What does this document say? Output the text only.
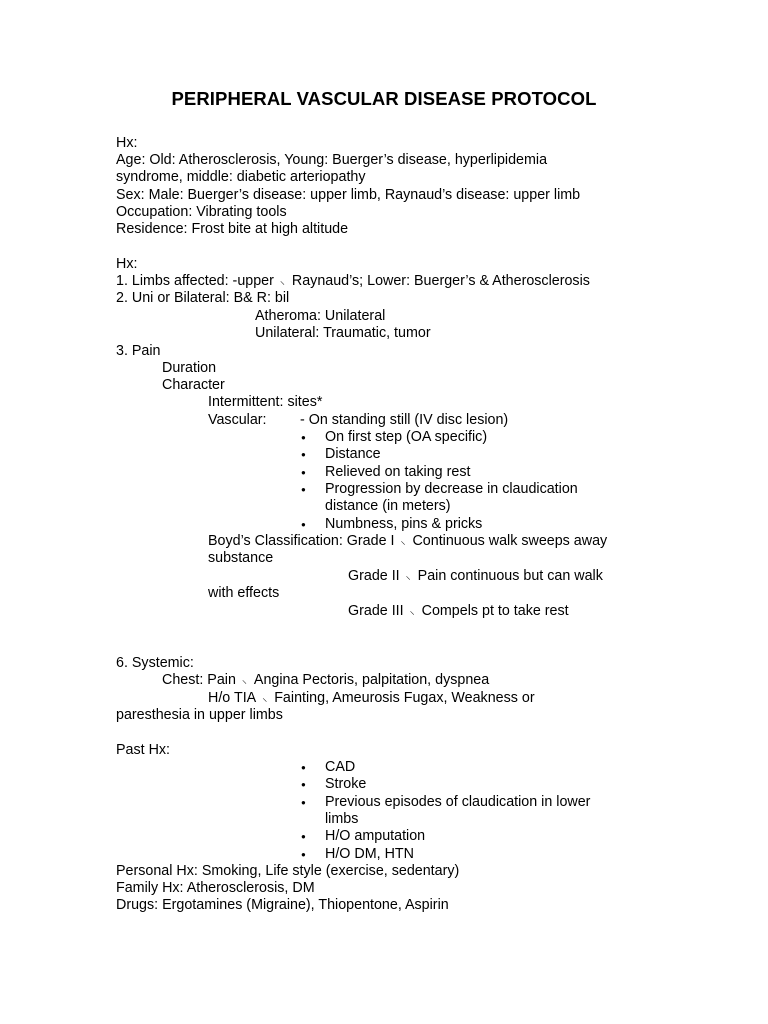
PERIPHERAL VASCULAR DISEASE PROTOCOL
Hx:
Age: Old: Atherosclerosis, Young: Buerger’s disease, hyperlipidemia
syndrome, middle: diabetic arteriopathy
Sex: Male: Buerger’s disease: upper limb, Raynaud’s disease: upper limb
Occupation: Vibrating tools
Residence: Frost bite at high altitude
Hx:
1. Limbs affected: -upper ⸜ Raynaud’s; Lower: Buerger’s & Atherosclerosis
2. Uni or Bilateral: B& R: bil
Atheroma: Unilateral
Unilateral: Traumatic, tumor
3. Pain
Duration
Character
Intermittent: sites*
Vascular: - On standing still (IV disc lesion)
● On first step (OA specific)
● Distance
● Relieved on taking rest
● Progression by decrease in claudication
distance (in meters)
● Numbness, pins & pricks
Boyd’s Classification: Grade I ⸜ Continuous walk sweeps away
substance
Grade II ⸜ Pain continuous but can walk
with effects
Grade III ⸜ Compels pt to take rest
6. Systemic:
Chest: Pain ⸜ Angina Pectoris, palpitation, dyspnea
H/o TIA ⸜ Fainting, Ameurosis Fugax, Weakness or
paresthesia in upper limbs
Past Hx:
● CAD
● Stroke
● Previous episodes of claudication in lower
limbs
● H/O amputation
● H/O DM, HTN
Personal Hx: Smoking, Life style (exercise, sedentary)
Family Hx: Atherosclerosis, DM
Drugs: Ergotamines (Migraine), Thiopentone, Aspirin
